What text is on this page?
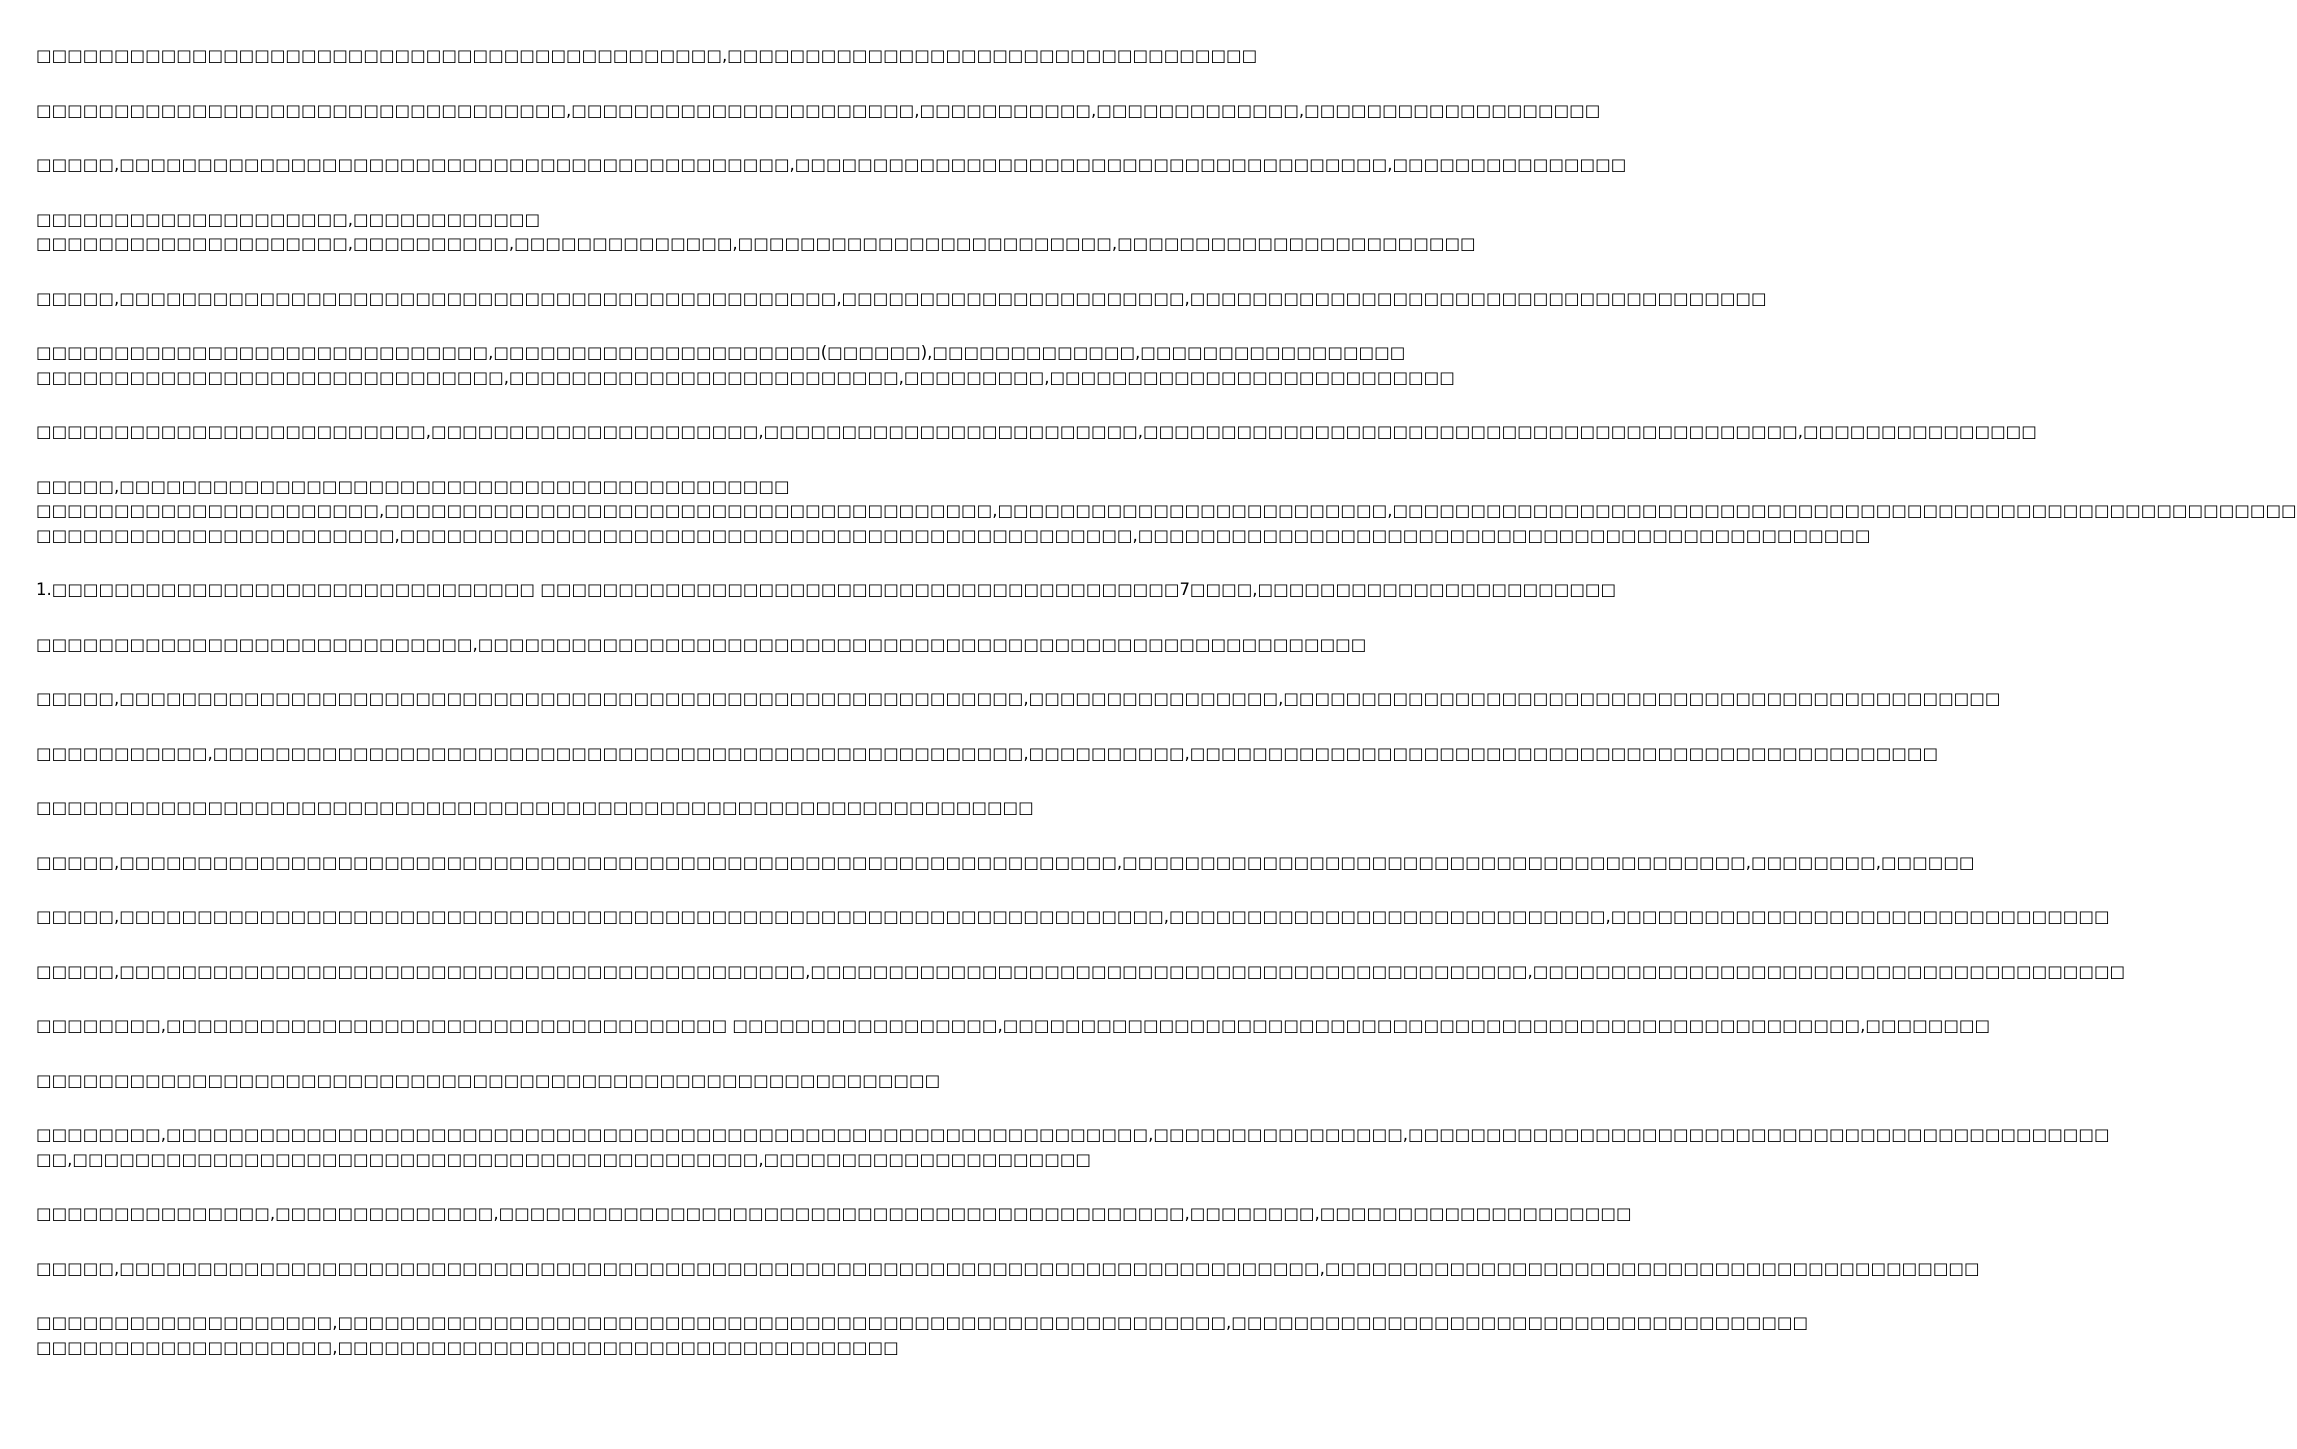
□□□□□□□□□□□□□□□□□□□□□□□□□□□□□□□□□□□□□□□□□□□□,□□□□□□□□□□□□□□□□□□□□□□□□□□□□□□□□□□
□□□□□□□□□□□□□□□□□□□□□□□□□□□□□□□□□□,□□□□□□□□□□□□□□□□□□□□□□,□□□□□□□□□□□,□□□□□□□□□□□□□,□□□□□□□□□□□□□□□□□□□
□□□□□,□□□□□□□□□□□□□□□□□□□□□□□□□□□□□□□□□□□□□□□□□□□,□□□□□□□□□□□□□□□□□□□□□□□□□□□□□□□□□□□□□□,□□□□□□□□□□□□□□□
□□□□□□□□□□□□□□□□□□□□,□□□□□□□□□□□□
□□□□□□□□□□□□□□□□□□□□,□□□□□□□□□□,□□□□□□□□□□□□□□,□□□□□□□□□□□□□□□□□□□□□□□□,□□□□□□□□□□□□□□□□□□□□□□□
□□□□□,□□□□□□□□□□□□□□□□□□□□□□□□□□□□□□□□□□□□□□□□□□□□□□,□□□□□□□□□□□□□□□□□□□□□□,□□□□□□□□□□□□□□□□□□□□□□□□□□□□□□□□□□□□□
□□□□□□□□□□□□□□□□□□□□□□□□□□□□□,□□□□□□□□□□□□□□□□□□□□□(□□□□□□),□□□□□□□□□□□□□,□□□□□□□□□□□□□□□□□
□□□□□□□□□□□□□□□□□□□□□□□□□□□□□□,□□□□□□□□□□□□□□□□□□□□□□□□□,□□□□□□□□□,□□□□□□□□□□□□□□□□□□□□□□□□□□
□□□□□□□□□□□□□□□□□□□□□□□□□,□□□□□□□□□□□□□□□□□□□□□,□□□□□□□□□□□□□□□□□□□□□□□□,□□□□□□□□□□□□□□□□□□□□□□□□□□□□□□□□□□□□□□□□□□,□□□□□□□□□□□□□□□
□□□□□,□□□□□□□□□□□□□□□□□□□□□□□□□□□□□□□□□□□□□□□□□□□
□□□□□□□□□□□□□□□□□□□□□□,□□□□□□□□□□□□□□□□□□□□□□□□□□□□□□□□□□□□□□□,□□□□□□□□□□□□□□□□□□□□□□□□□,□□□□□□□□□□□□□□□□□□□□□□□□□□□□□□□□□□□□□□□□□□□□□□□□□□□□□□□□□□
□□□□□□□□□□□□□□□□□□□□□□□,□□□□□□□□□□□□□□□□□□□□□□□□□□□□□□□□□□□□□□□□□□□□□□□,□□□□□□□□□□□□□□□□□□□□□□□□□□□□□□□□□□□□□□□□□□□□□□□
1.□□□□□□□□□□□□□□□□□□□□□□□□□□□□□□□ □□□□□□□□□□□□□□□□□□□□□□□□□□□□□□□□□□□□□□□□□7□□□□,□□□□□□□□□□□□□□□□□□□□□□□
□□□□□□□□□□□□□□□□□□□□□□□□□□□□,□□□□□□□□□□□□□□□□□□□□□□□□□□□□□□□□□□□□□□□□□□□□□□□□□□□□□□□□□
□□□□□,□□□□□□□□□□□□□□□□□□□□□□□□□□□□□□□□□□□□□□□□□□□□□□□□□□□□□□□□□□,□□□□□□□□□□□□□□□□,□□□□□□□□□□□□□□□□□□□□□□□□□□□□□□□□□□□□□□□□□□□□□□
□□□□□□□□□□□,□□□□□□□□□□□□□□□□□□□□□□□□□□□□□□□□□□□□□□□□□□□□□□□□□□□□,□□□□□□□□□□,□□□□□□□□□□□□□□□□□□□□□□□□□□□□□□□□□□□□□□□□□□□□□□□□
□□□□□□□□□□□□□□□□□□□□□□□□□□□□□□□□□□□□□□□□□□□□□□□□□□□□□□□□□□□□□□□□
□□□□□,□□□□□□□□□□□□□□□□□□□□□□□□□□□□□□□□□□□□□□□□□□□□□□□□□□□□□□□□□□□□□□□□,□□□□□□□□□□□□□□□□□□□□□□□□□□□□□□□□□□□□□□□□,□□□□□□□□,□□□□□□
□□□□□,□□□□□□□□□□□□□□□□□□□□□□□□□□□□□□□□□□□□□□□□□□□□□□□□□□□□□□□□□□□□□□□□□□□,□□□□□□□□□□□□□□□□□□□□□□□□□□□□,□□□□□□□□□□□□□□□□□□□□□□□□□□□□□□□□
□□□□□,□□□□□□□□□□□□□□□□□□□□□□□□□□□□□□□□□□□□□□□□□□□□,□□□□□□□□□□□□□□□□□□□□□□□□□□□□□□□□□□□□□□□□□□□□□□,□□□□□□□□□□□□□□□□□□□□□□□□□□□□□□□□□□□□□□
□□□□□□□□,□□□□□□□□□□□□□□□□□□□□□□□□□□□□□□□□□□□□ □□□□□□□□□□□□□□□□□,□□□□□□□□□□□□□□□□□□□□□□□□□□□□□□□□□□□□□□□□□□□□□□□□□□□□□□□,□□□□□□□□
□□□□□□□□□□□□□□□□□□□□□□□□□□□□□□□□□□□□□□□□□□□□□□□□□□□□□□□□□□
□□□□□□□□,□□□□□□□□□□□□□□□□□□□□□□□□□□□□□□□□□□□□□□□□□□□□□□□□□□□□□□□□□□□□□□□,□□□□□□□□□□□□□□□□,□□□□□□□□□□□□□□□□□□□□□□□□□□□□□□□□□□□□□□□□□□□□□
□□,□□□□□□□□□□□□□□□□□□□□□□□□□□□□□□□□□□□□□□□□□□□□,□□□□□□□□□□□□□□□□□□□□□
□□□□□□□□□□□□□□□,□□□□□□□□□□□□□□,□□□□□□□□□□□□□□□□□□□□□□□□□□□□□□□□□□□□□□□□□□□□,□□□□□□□□,□□□□□□□□□□□□□□□□□□□□
□□□□□,□□□□□□□□□□□□□□□□□□□□□□□□□□□□□□□□□□□□□□□□□□□□□□□□□□□□□□□□□□□□□□□□□□□□□□□□□□□□□,□□□□□□□□□□□□□□□□□□□□□□□□□□□□□□□□□□□□□□□□□□
□□□□□□□□□□□□□□□□□□□,□□□□□□□□□□□□□□□□□□□□□□□□□□□□□□□□□□□□□□□□□□□□□□□□□□□□□□□□□,□□□□□□□□□□□□□□□□□□□□□□□□□□□□□□□□□□□□□
□□□□□□□□□□□□□□□□□□□,□□□□□□□□□□□□□□□□□□□□□□□□□□□□□□□□□□□□
